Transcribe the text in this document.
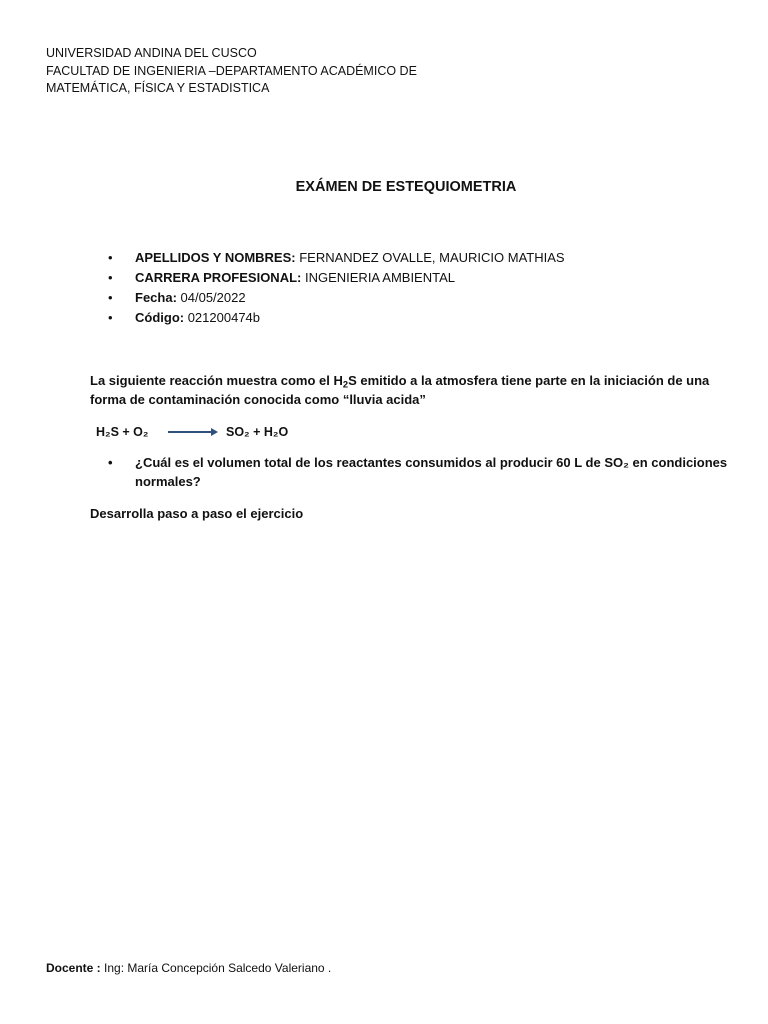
UNIVERSIDAD ANDINA DEL CUSCO
FACULTAD DE INGENIERIA –DEPARTAMENTO ACADÉMICO DE
MATEMÁTICA, FÍSICA Y ESTADISTICA
EXÁMEN DE ESTEQUIOMETRIA
• APELLIDOS Y NOMBRES: FERNANDEZ OVALLE, MAURICIO MATHIAS
• CARRERA PROFESIONAL: INGENIERIA AMBIENTAL
• Fecha: 04/05/2022
• Código: 021200474b
La siguiente reacción muestra como el $H_2S$ emitido a la atmosfera tiene parte en la iniciación de una forma de contaminación conocida como “lluvia acida”
H₂S + O₂	SO₂ + H₂O
•	¿Cuál es el volumen total de los reactantes consumidos al producir 60 L de SO₂ en condiciones normales?
Desarrolla paso a paso el ejercicio
Docente : Ing: María Concepción Salcedo Valeriano .
